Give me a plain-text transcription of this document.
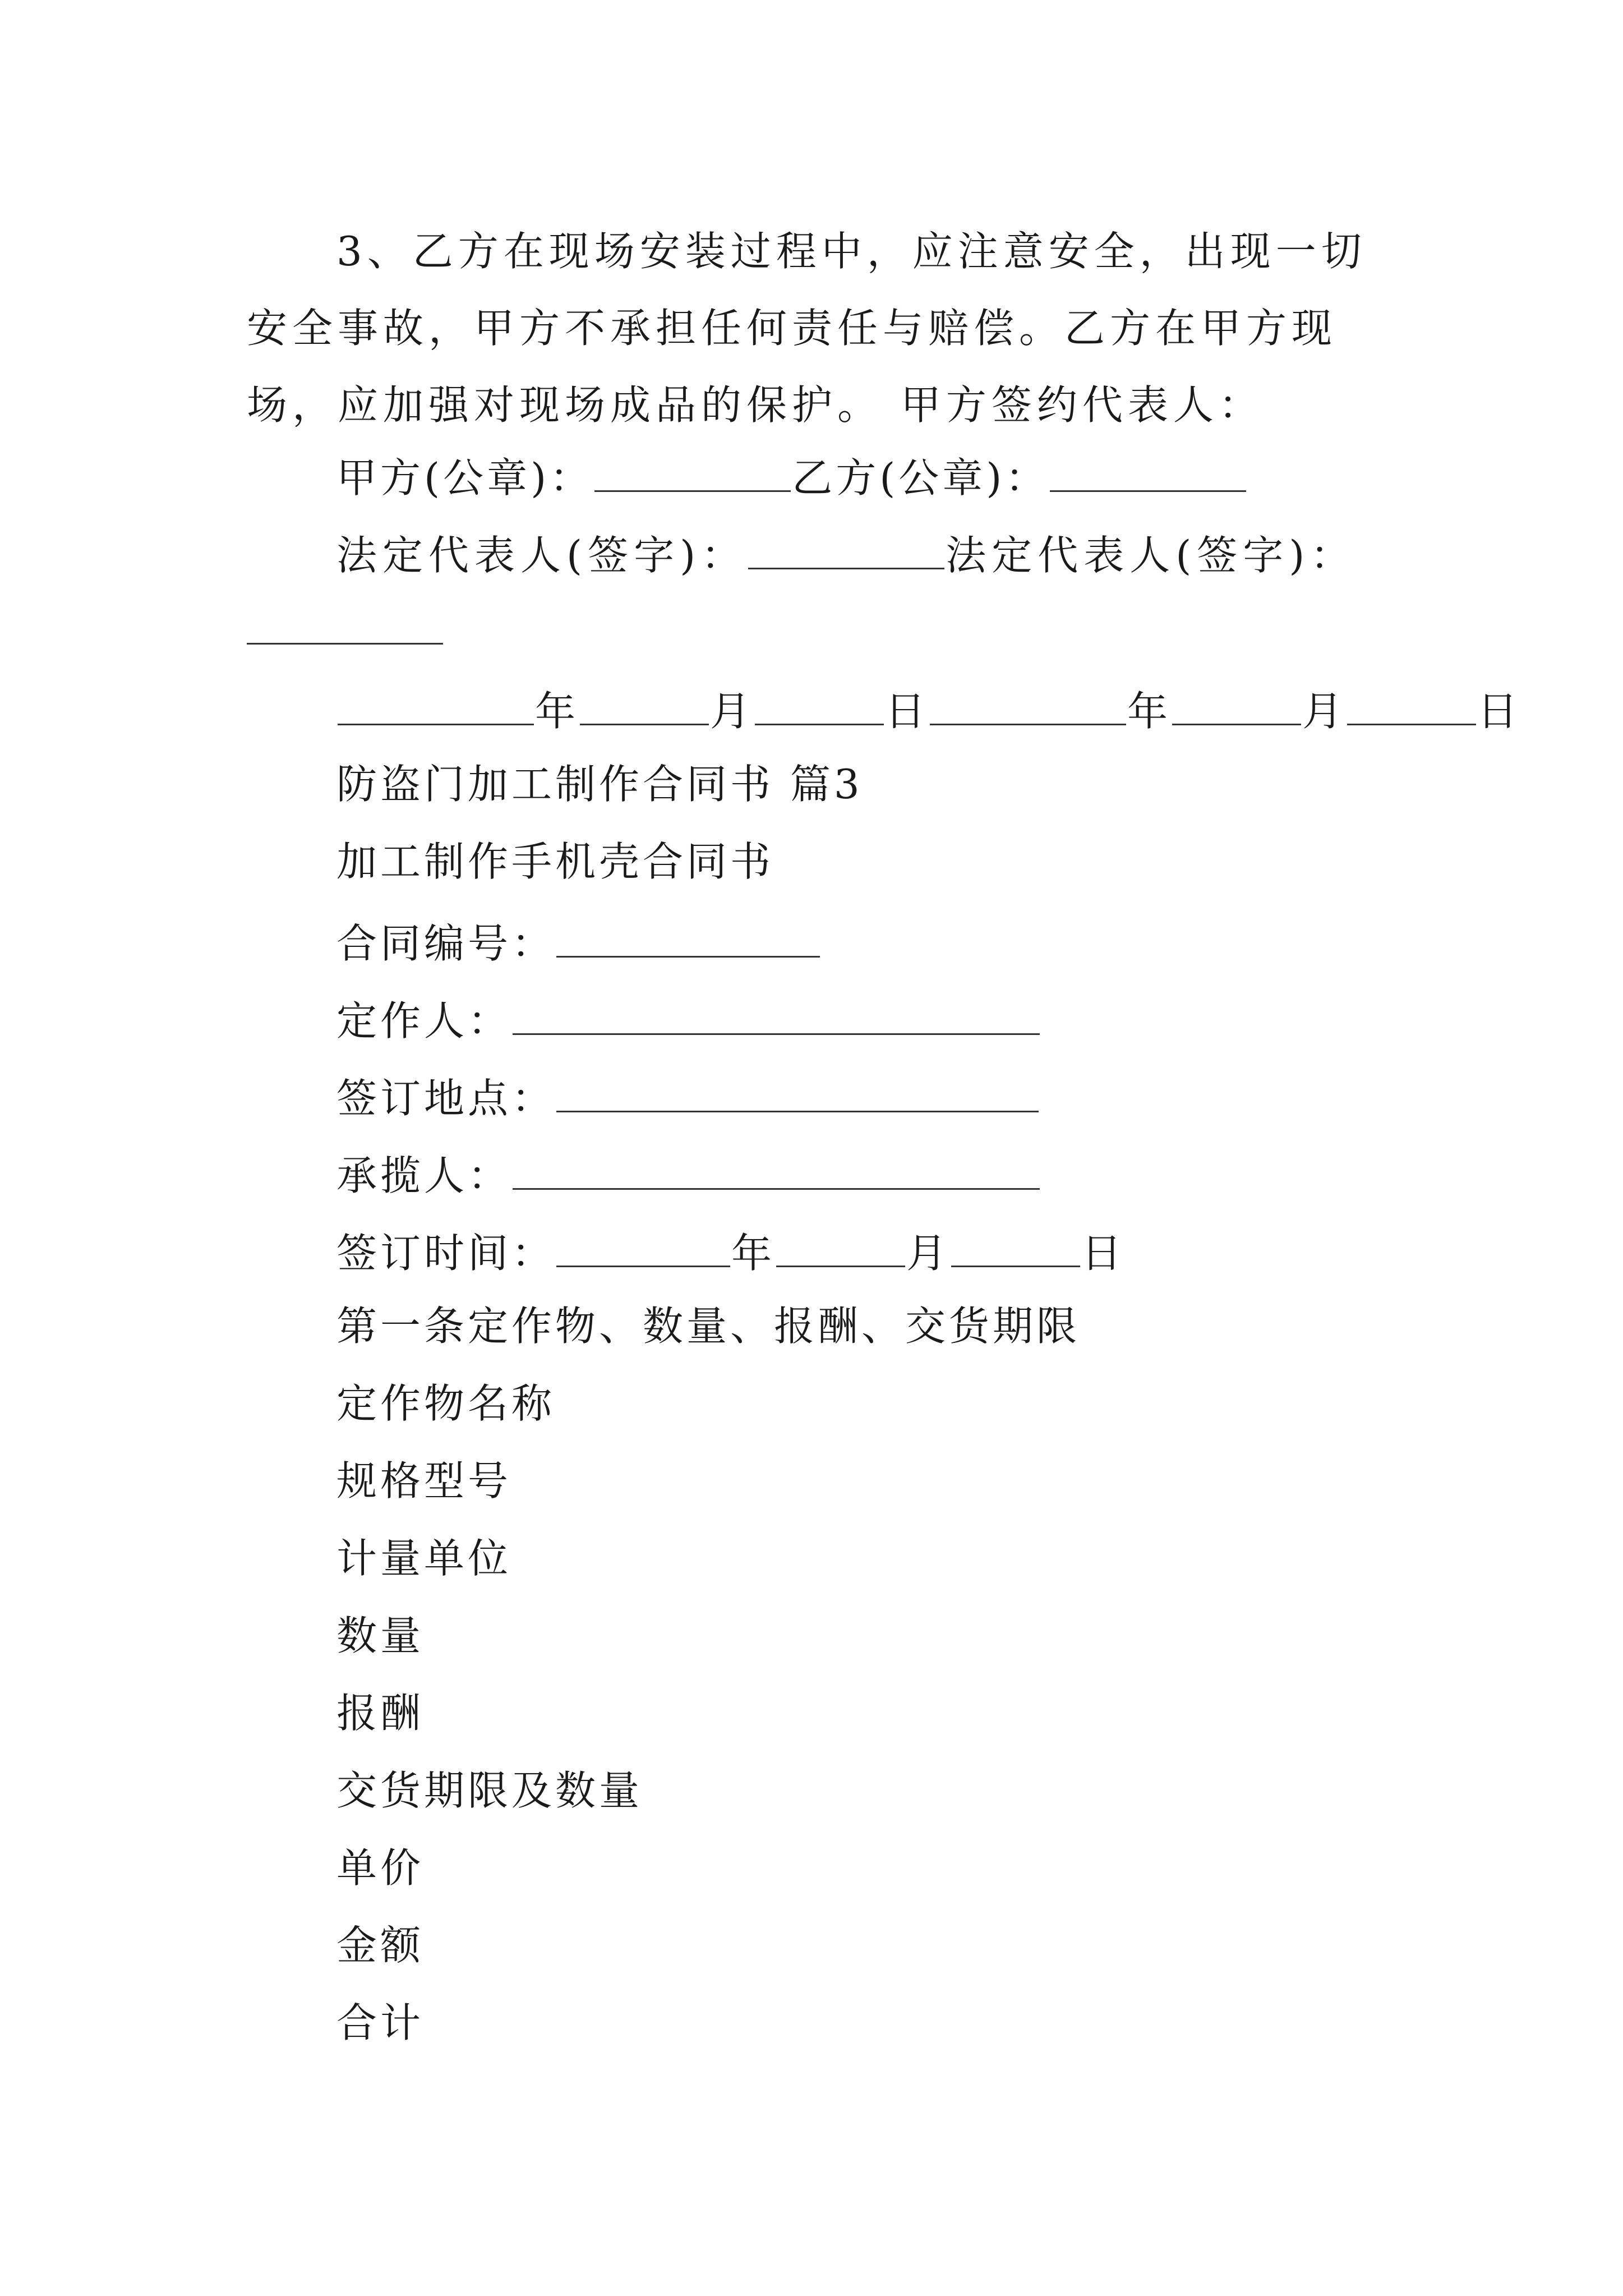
3、乙方在现场安装过程中，应注意安全，出现一切安全事故，甲方不承担任何责任与赔偿。乙方在甲方现场，应加强对现场成品的保护。 甲方签约代表人：
甲方(公章)：	乙方(公章)：
法定代表人(签字)：	法定代表人(签字)：
年	月	日	年	月	日
防盗门加工制作合同书 篇3
加工制作手机壳合同书
合同编号：
定作人：
签订地点：
承揽人：
签订时间：	年	月	日
第一条定作物、数量、报酬、交货期限
定作物名称
规格型号
计量单位
数量
报酬
交货期限及数量
单价
金额
合计
